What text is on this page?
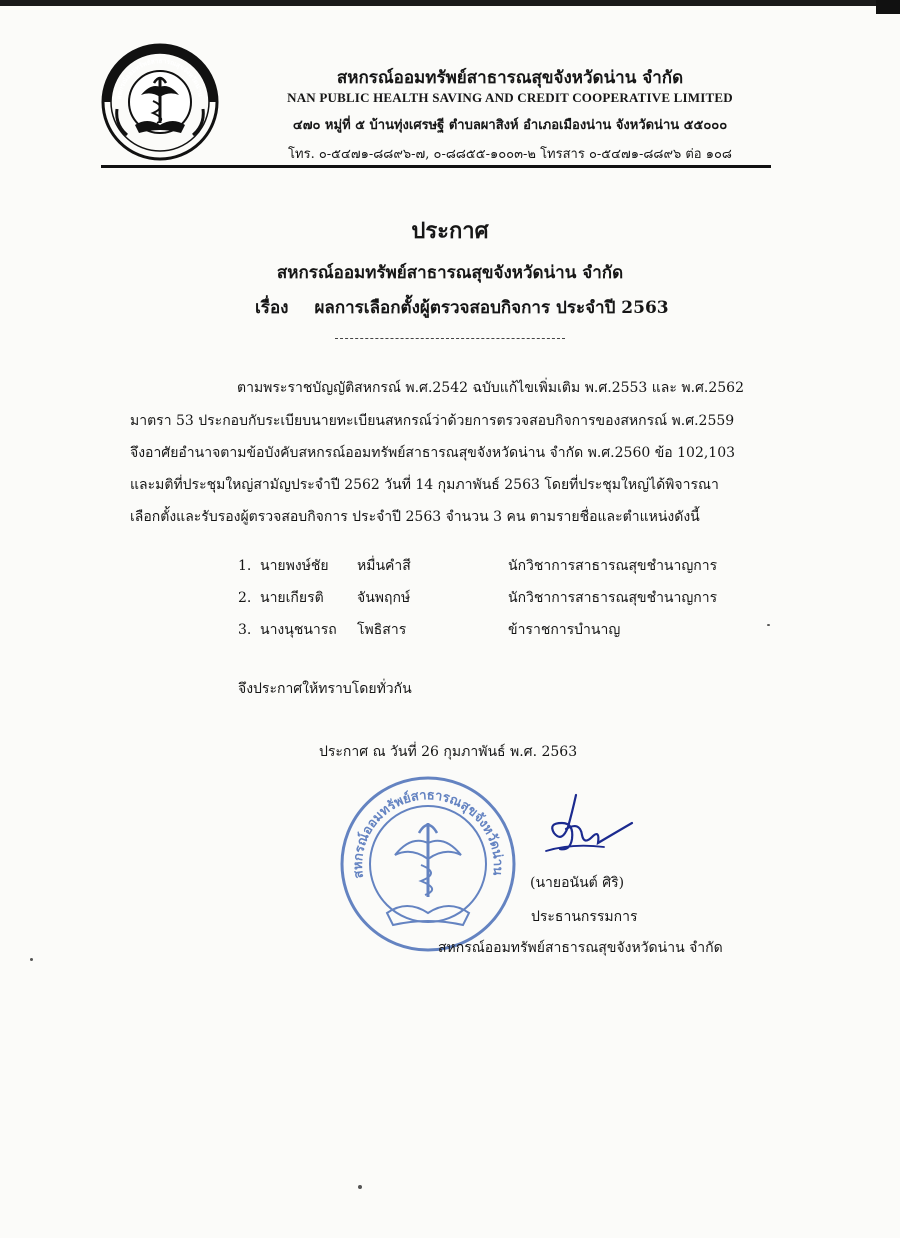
สหกรณ์ออมทรัพย์สาธารณสุขจังหวัดน่าน
สหกรณ์ออมทรัพย์สาธารณสุขจังหวัดน่าน จำกัด
NAN PUBLIC HEALTH SAVING AND CREDIT COOPERATIVE LIMITED
๔๗๐ หมู่ที่ ๕ บ้านทุ่งเศรษฐี ตำบลผาสิงห์ อำเภอเมืองน่าน จังหวัดน่าน ๕๕๐๐๐
โทร. ๐-๕๔๗๑-๘๘๙๖-๗, ๐-๘๘๕๕-๑๐๐๓-๒ โทรสาร ๐-๕๔๗๑-๘๘๙๖ ต่อ ๑๐๘
ประกาศ
สหกรณ์ออมทรัพย์สาธารณสุขจังหวัดน่าน จำกัด
เรื่อง ผลการเลือกตั้งผู้ตรวจสอบกิจการ ประจำปี 2563
ตามพระราชบัญญัติสหกรณ์ พ.ศ.2542 ฉบับแก้ไขเพิ่มเติม พ.ศ.2553 และ พ.ศ.2562
มาตรา 53 ประกอบกับระเบียบนายทะเบียนสหกรณ์ว่าด้วยการตรวจสอบกิจการของสหกรณ์ พ.ศ.2559
จึงอาศัยอำนาจตามข้อบังคับสหกรณ์ออมทรัพย์สาธารณสุขจังหวัดน่าน จำกัด พ.ศ.2560 ข้อ 102,103
และมติที่ประชุมใหญ่สามัญประจำปี 2562 วันที่ 14 กุมภาพันธ์ 2563 โดยที่ประชุมใหญ่ได้พิจารณา
เลือกตั้งและรับรองผู้ตรวจสอบกิจการ ประจำปี 2563 จำนวน 3 คน ตามรายชื่อและตำแหน่งดังนี้
1. นายพงษ์ชัย หมื่นคำสี	นักวิชาการสาธารณสุขชำนาญการ
2. นายเกียรติ จันพฤกษ์	นักวิชาการสาธารณสุขชำนาญการ
3. นางนุชนารถ โพธิสาร	ข้าราชการบำนาญ
จึงประกาศให้ทราบโดยทั่วกัน
ประกาศ ณ วันที่ 26 กุมภาพันธ์ พ.ศ. 2563
สหกรณ์ออมทรัพย์สาธารณสุขจังหวัดน่าน
(นายอนันต์ ศิริ)
ประธานกรรมการ
สหกรณ์ออมทรัพย์สาธารณสุขจังหวัดน่าน จำกัด
